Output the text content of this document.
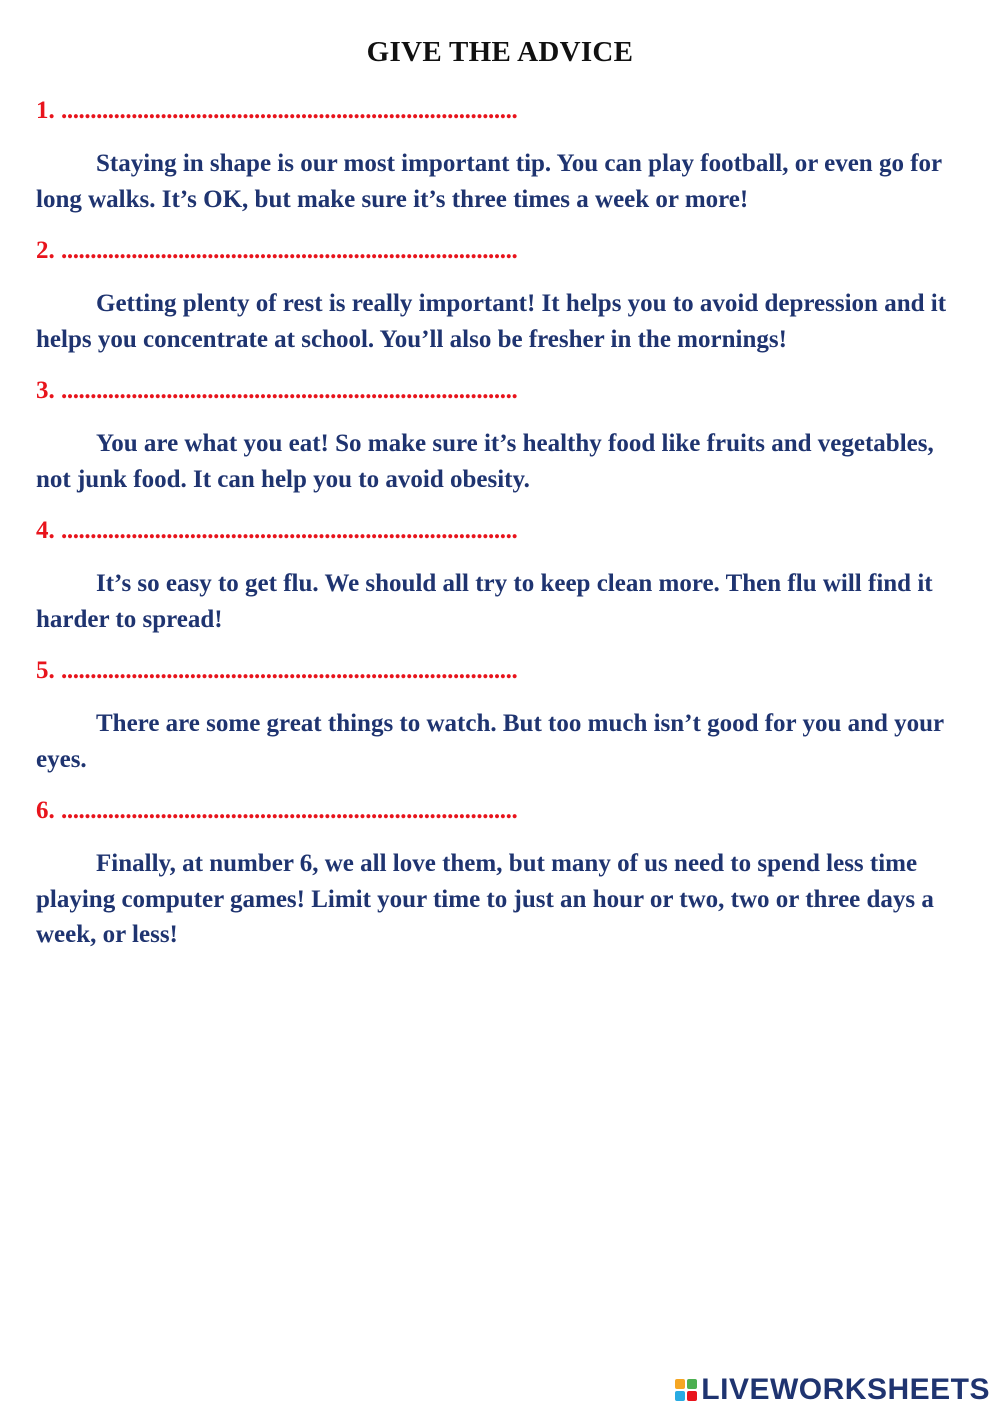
GIVE THE ADVICE
1. ..............................................................................
Staying in shape is our most important tip. You can play football, or even go for long walks. It’s OK, but make sure it’s three times a week or more!
2. ..............................................................................
Getting plenty of rest is really important! It helps you to avoid depression and it helps you concentrate at school. You’ll also be fresher in the mornings!
3. ..............................................................................
You are what you eat! So make sure it’s healthy food like fruits and vegetables, not junk food. It can help you to avoid obesity.
4. ..............................................................................
It’s so easy to get flu. We should all try to keep clean more. Then flu will find it harder to spread!
5. ..............................................................................
There are some great things to watch. But too much isn’t good for you and your eyes.
6. ..............................................................................
Finally, at number 6, we all love them, but many of us need to spend less time playing computer games! Limit your time to just an hour or two, two or three days a week, or less!
LIVEWORKSHEETS
